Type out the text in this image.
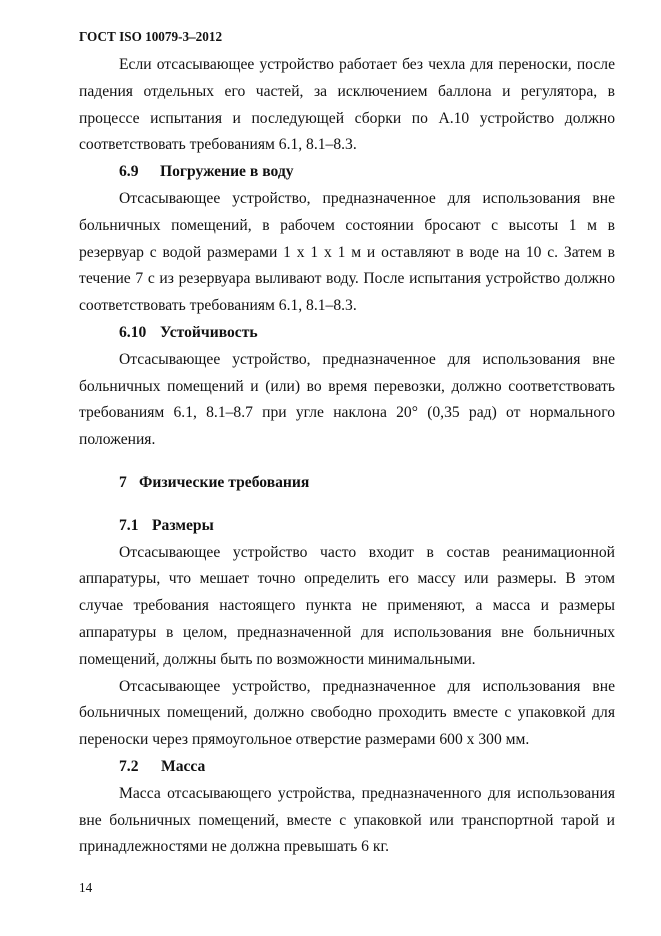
ГОСТ ISO 10079-3–2012

Если отсасывающее устройство работает без чехла для переноски, после падения отдельных его частей, за исключением баллона и регулятора, в процессе испытания и последующей сборки по А.10 устройство должно соответствовать требованиям 6.1, 8.1–8.3.

6.9 Погружение в воду

Отсасывающее устройство, предназначенное для использования вне больничных помещений, в рабочем состоянии бросают с высоты 1 м в резервуар с водой размерами 1 x 1 x 1 м и оставляют в воде на 10 с. Затем в течение 7 с из резервуара выливают воду. После испытания устройство должно соответствовать требованиям 6.1, 8.1–8.3.

6.10 Устойчивость

Отсасывающее устройство, предназначенное для использования вне больничных помещений и (или) во время перевозки, должно соответствовать требованиям 6.1, 8.1–8.7 при угле наклона 20° (0,35 рад) от нормального положения.

7 Физические требования
7.1 Размеры

Отсасывающее устройство часто входит в состав реанимационной аппаратуры, что мешает точно определить его массу или размеры. В этом случае требования настоящего пункта не применяют, а масса и размеры аппаратуры в целом, предназначенной для использования вне больничных помещений, должны быть по возможности минимальными.

Отсасывающее устройство, предназначенное для использования вне больничных помещений, должно свободно проходить вместе с упаковкой для переноски через прямоугольное отверстие размерами 600 x 300 мм.

7.2 Масса

Масса отсасывающего устройства, предназначенного для использования вне больничных помещений, вместе с упаковкой или транспортной тарой и принадлежностями не должна превышать 6 кг.

14
